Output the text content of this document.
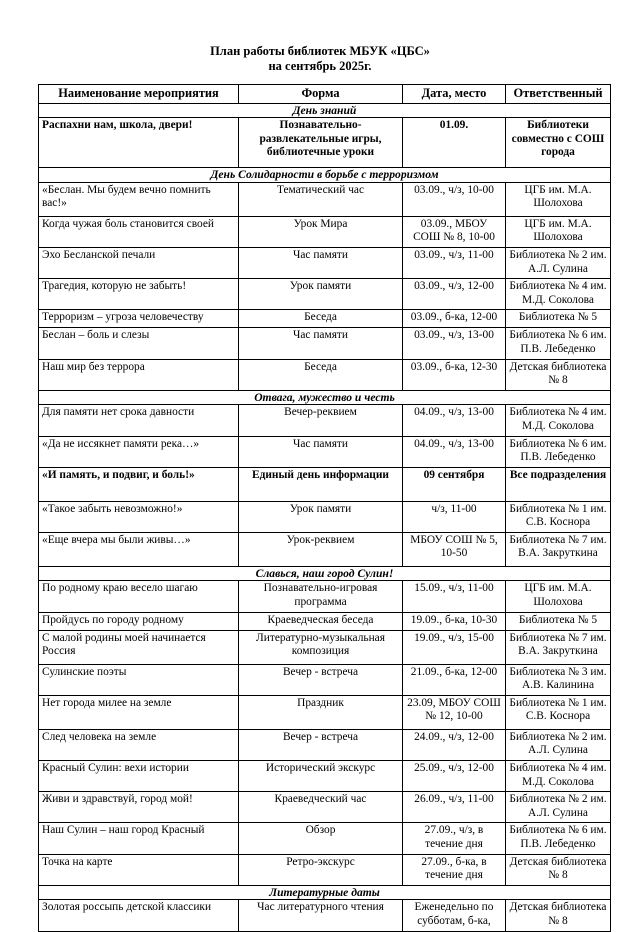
План работы библиотек МБУК «ЦБС»
на сентябрь 2025г.
Наименование мероприятия	Форма	Дата, место	Ответственный
День знаний			
Распахни нам, школа, двери!	Познавательно-развлекательные игры, библиотечные уроки	01.09.	Библиотеки совместно с СОШ города
День Солидарности в борьбе с терроризмом			
«Беслан. Мы будем вечно помнить вас!»	Тематический час	03.09., ч/з, 10-00	ЦГБ им. М.А. Шолохова
Когда чужая боль становится своей	Урок Мира	03.09., МБОУ СОШ № 8, 10-00	ЦГБ им. М.А. Шолохова
Эхо Бесланской печали	Час памяти	03.09., ч/з, 11-00	Библиотека № 2 им. А.Л. Сулина
Трагедия, которую не забыть!	Урок памяти	03.09., ч/з, 12-00	Библиотека № 4 им. М.Д. Соколова
Терроризм – угроза человечеству	Беседа	03.09., б-ка, 12-00	Библиотека № 5
Беслан – боль и слезы	Час памяти	03.09., ч/з, 13-00	Библиотека № 6 им. П.В. Лебеденко
Наш мир без террора	Беседа	03.09., б-ка, 12-30	Детская библиотека № 8
Отвага, мужество и честь			
Для памяти нет срока давности	Вечер-реквием	04.09., ч/з, 13-00	Библиотека № 4 им. М.Д. Соколова
«Да не иссякнет памяти река…»	Час памяти	04.09., ч/з, 13-00	Библиотека № 6 им. П.В. Лебеденко
«И память, и подвиг, и боль!»	Единый день информации	09 сентября	Все подразделения
«Такое забыть невозможно!»	Урок памяти	ч/з, 11-00	Библиотека № 1 им. С.В. Коснора
«Еще вчера мы были живы…»	Урок-реквием	МБОУ СОШ № 5, 10-50	Библиотека № 7 им. В.А. Закруткина
Славься, наш город Сулин!			
По родному краю весело шагаю	Познавательно-игровая программа	15.09., ч/з, 11-00	ЦГБ им. М.А. Шолохова
Пройдусь по городу родному	Краеведческая беседа	19.09., б-ка, 10-30	Библиотека № 5
С малой родины моей начинается Россия	Литературно-музыкальная композиция	19.09., ч/з, 15-00	Библиотека № 7 им. В.А. Закруткина
Сулинские поэты	Вечер - встреча	21.09., б-ка, 12-00	Библиотека № 3 им. А.В. Калинина
Нет города милее на земле	Праздник	23.09, МБОУ СОШ № 12, 10-00	Библиотека № 1 им. С.В. Коснора
След человека на земле	Вечер - встреча	24.09., ч/з, 12-00	Библиотека № 2 им. А.Л. Сулина
Красный Сулин: вехи истории	Исторический экскурс	25.09., ч/з, 12-00	Библиотека № 4 им. М.Д. Соколова
Живи и здравствуй, город мой!	Краеведческий час	26.09., ч/з, 11-00	Библиотека № 2 им. А.Л. Сулина
Наш Сулин – наш город Красный	Обзор	27.09., ч/з, в течение дня	Библиотека № 6 им. П.В. Лебеденко
Точка на карте	Ретро-экскурс	27.09., б-ка, в течение дня	Детская библиотека № 8
Литературные даты			
Золотая россыпь детской классики	Час литературного чтения	Еженедельно по субботам, б-ка,	Детская библиотека № 8
